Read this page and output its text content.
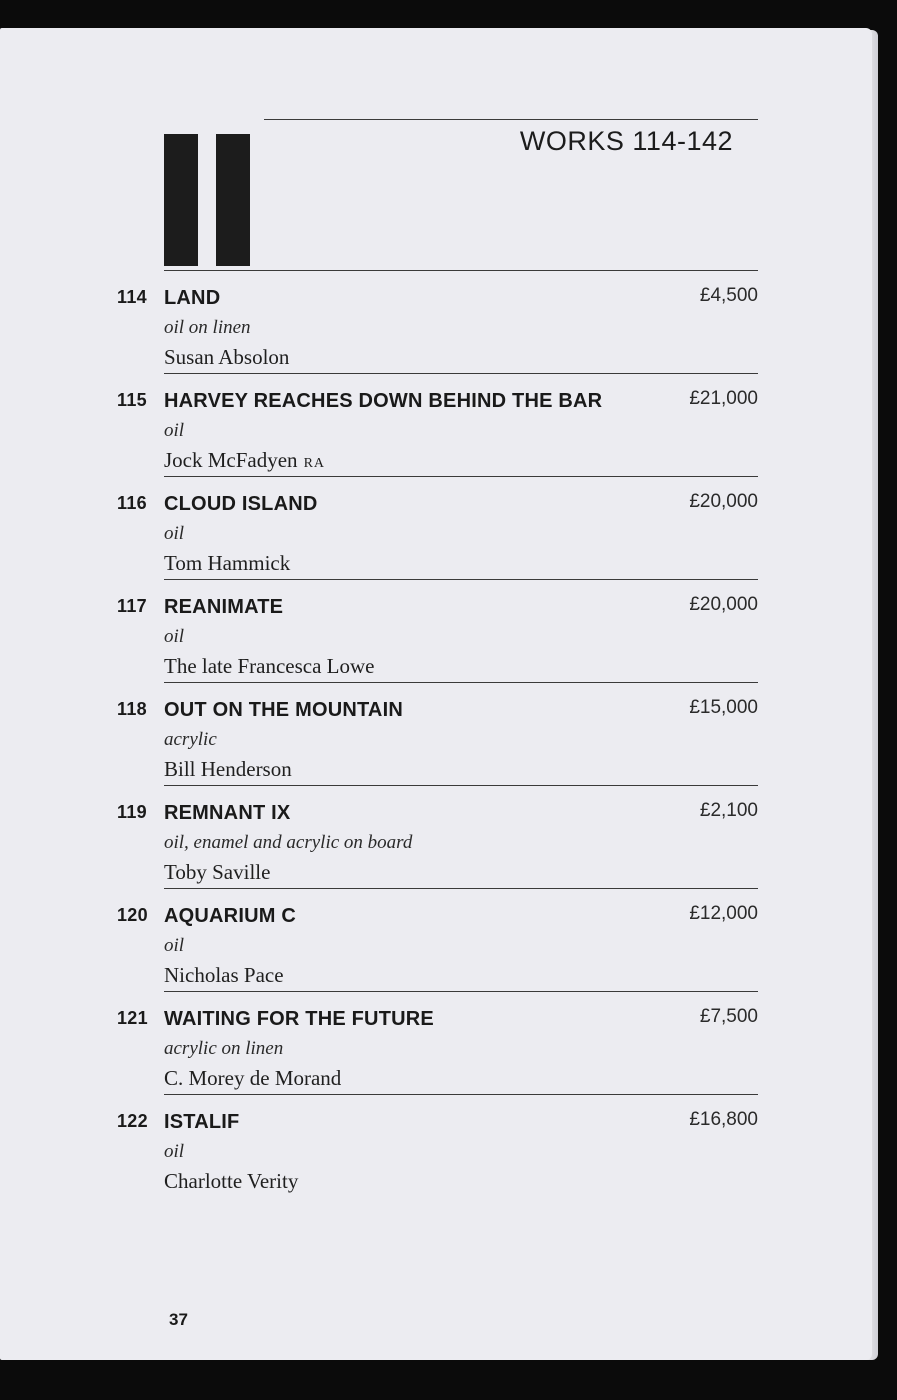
WORKS 114-142
114 LAND	£4,500
oil on linen
Susan Absolon
115 HARVEY REACHES DOWN BEHIND THE BAR	£21,000
oil
Jock McFadyen RA
116 CLOUD ISLAND	£20,000
oil
Tom Hammick
117 REANIMATE	£20,000
oil
The late Francesca Lowe
118 OUT ON THE MOUNTAIN	£15,000
acrylic
Bill Henderson
119 REMNANT IX	£2,100
oil, enamel and acrylic on board
Toby Saville
120 AQUARIUM C	£12,000
oil
Nicholas Pace
121 WAITING FOR THE FUTURE	£7,500
acrylic on linen
C. Morey de Morand
122 ISTALIF	£16,800
oil
Charlotte Verity
37
